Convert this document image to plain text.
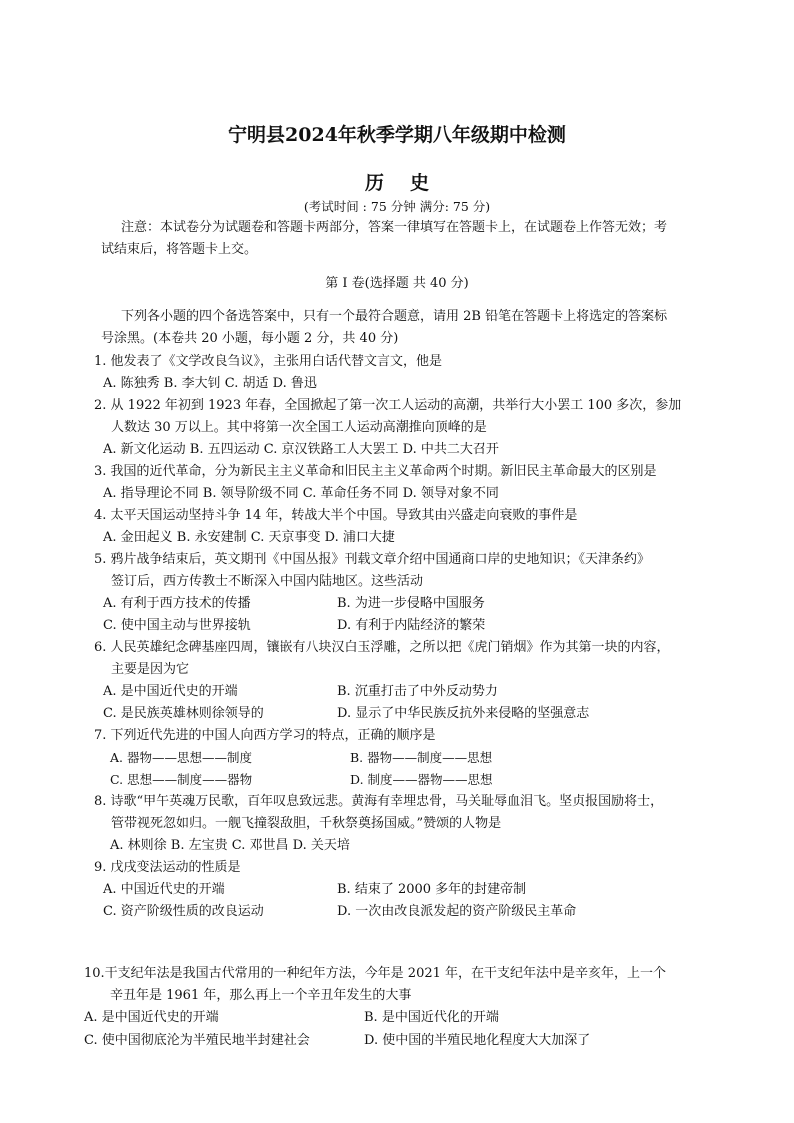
宁明县2024年秋季学期八年级期中检测
历史
(考试时间 : 75 分钟 满分: 75 分)
注意：本试卷分为试题卷和答题卡两部分，答案一律填写在答题卡上，在试题卷上作答无效；考
试结束后，将答题卡上交。
第 I 卷(选择题 共 40 分)
下列各小题的四个备选答案中，只有一个最符合题意，请用 2B 铅笔在答题卡上将选定的答案标
号涂黑。(本卷共 20 小题，每小题 2 分，共 40 分)
1. 他发表了《文学改良刍议》，主张用白话代替文言文，他是
A. 陈独秀 B. 李大钊 C. 胡适 D. 鲁迅
2. 从 1922 年初到 1923 年春，全国掀起了第一次工人运动的高潮，共举行大小罢工 100 多次，参加
人数达 30 万以上。其中将第一次全国工人运动高潮推向顶峰的是
A. 新文化运动 B. 五四运动 C. 京汉铁路工人大罢工 D. 中共二大召开
3. 我国的近代革命，分为新民主主义革命和旧民主主义革命两个时期。新旧民主革命最大的区别是
A. 指导理论不同 B. 领导阶级不同 C. 革命任务不同 D. 领导对象不同
4. 太平天国运动坚持斗争 14 年，转战大半个中国。导致其由兴盛走向衰败的事件是
A. 金田起义 B. 永安建制 C. 天京事变 D. 浦口大捷
5. 鸦片战争结束后，英文期刊《中国丛报》刊载文章介绍中国通商口岸的史地知识；《天津条约》
签订后，西方传教士不断深入中国内陆地区。这些活动
A. 有利于西方技术的传播	B. 为进一步侵略中国服务
C. 使中国主动与世界接轨	D. 有利于内陆经济的繁荣
6. 人民英雄纪念碑基座四周，镶嵌有八块汉白玉浮雕，之所以把《虎门销烟》作为其第一块的内容，
主要是因为它
A. 是中国近代史的开端	B. 沉重打击了中外反动势力
C. 是民族英雄林则徐领导的	D. 显示了中华民族反抗外来侵略的坚强意志
7. 下列近代先进的中国人向西方学习的特点，正确的顺序是
A. 器物——思想——制度	B. 器物——制度——思想
C. 思想——制度——器物	D. 制度——器物——思想
8. 诗歌“甲午英魂万民歌，百年叹息致远悲。黄海有幸埋忠骨，马关耻辱血泪飞。坚贞报国励将士，
管带视死忽如归。一舰飞撞裂敌胆，千秋祭奠扬国威。”赞颂的人物是
A. 林则徐 B. 左宝贵 C. 邓世昌 D. 关天培
9. 戊戌变法运动的性质是
A. 中国近代史的开端	B. 结束了 2000 多年的封建帝制
C. 资产阶级性质的改良运动	D. 一次由改良派发起的资产阶级民主革命
10.干支纪年法是我国古代常用的一种纪年方法，今年是 2021 年，在干支纪年法中是辛亥年，上一个
辛丑年是 1961 年，那么再上一个辛丑年发生的大事
A. 是中国近代史的开端	B. 是中国近代化的开端
C. 使中国彻底沦为半殖民地半封建社会	D. 使中国的半殖民地化程度大大加深了
